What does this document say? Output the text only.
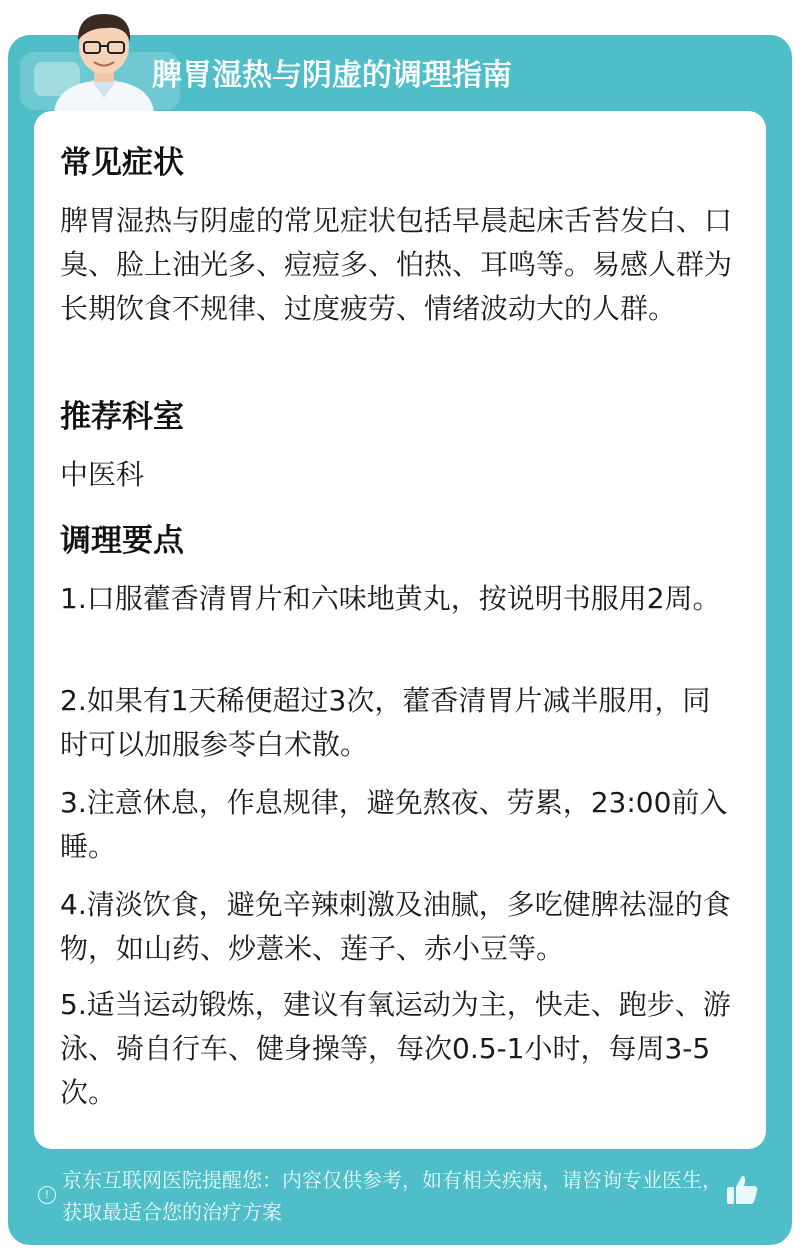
脾胃湿热与阴虚的调理指南
常见症状
脾胃湿热与阴虚的常见症状包括早晨起床舌苔发白、口臭、脸上油光多、痘痘多、怕热、耳鸣等。易感人群为长期饮食不规律、过度疲劳、情绪波动大的人群。
推荐科室
中医科
调理要点
1.口服藿香清胃片和六味地黄丸，按说明书服用2周。
2.如果有1天稀便超过3次，藿香清胃片减半服用，同时可以加服参苓白术散。
3.注意休息，作息规律，避免熬夜、劳累，23:00前入睡。
4.清淡饮食，避免辛辣刺激及油腻，多吃健脾祛湿的食物，如山药、炒薏米、莲子、赤小豆等。
5.适当运动锻炼，建议有氧运动为主，快走、跑步、游泳、骑自行车、健身操等，每次0.5-1小时，每周3-5次。
!
京东互联网医院提醒您：内容仅供参考，如有相关疾病，请咨询专业医生，获取最适合您的治疗方案
